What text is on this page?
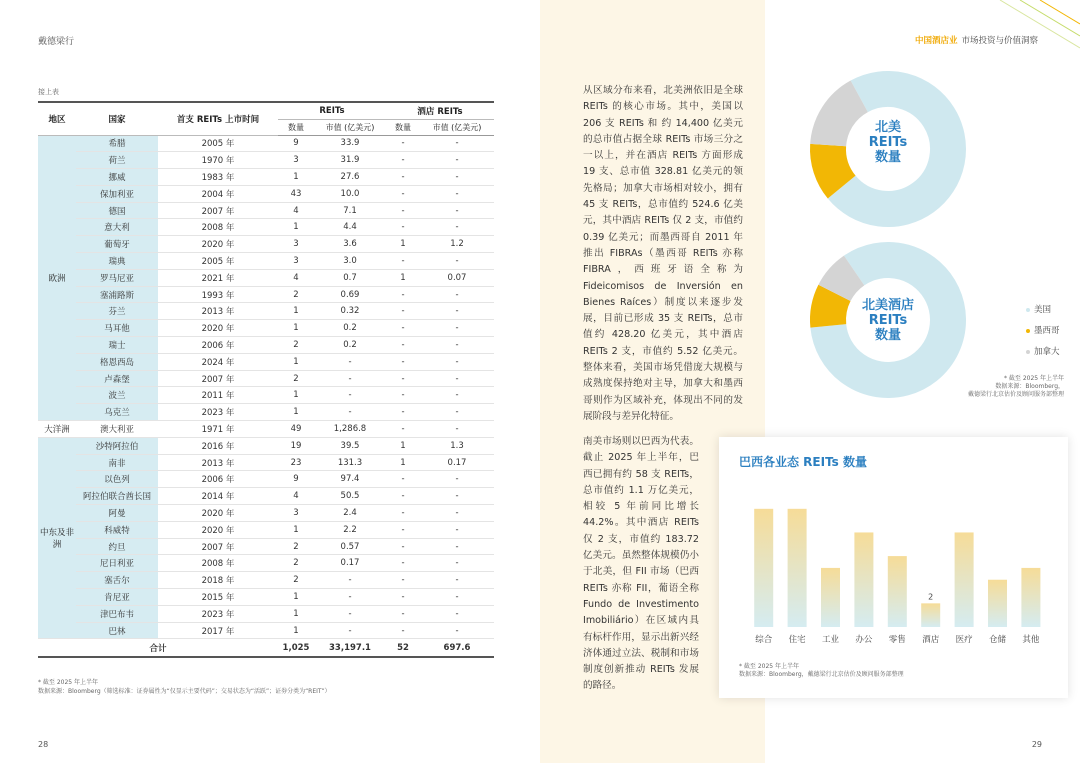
戴德梁行	中国酒店业 市场投资与价值洞察
接上表
地区	国家	首支 REITs 上市时间	REITs		酒店 REITs	
			数量	市值 (亿美元)	数量	市值 (亿美元)
欧洲	希腊	2005 年	9	33.9	-	-
	荷兰	1970 年	3	31.9	-	-
	挪威	1983 年	1	27.6	-	-
	保加利亚	2004 年	43	10.0	-	-
	德国	2007 年	4	7.1	-	-
	意大利	2008 年	1	4.4	-	-
	葡萄牙	2020 年	3	3.6	1	1.2
	瑞典	2005 年	3	3.0	-	-
	罗马尼亚	2021 年	4	0.7	1	0.07
	塞浦路斯	1993 年	2	0.69	-	-
	芬兰	2013 年	1	0.32	-	-
	马耳他	2020 年	1	0.2	-	-
	瑞士	2006 年	2	0.2	-	-
	格恩西岛	2024 年	1	-	-	-
	卢森堡	2007 年	2	-	-	-
	波兰	2011 年	1	-	-	-
	乌克兰	2023 年	1	-	-	-
大洋洲	澳大利亚	1971 年	49	1,286.8	-	-
中东及非洲	沙特阿拉伯	2016 年	19	39.5	1	1.3
	南非	2013 年	23	131.3	1	0.17
	以色列	2006 年	9	97.4	-	-
	阿拉伯联合酋长国	2014 年	4	50.5	-	-
	阿曼	2020 年	3	2.4	-	-
	科威特	2020 年	1	2.2	-	-
	约旦	2007 年	2	0.57	-	-
	尼日利亚	2008 年	2	0.17	-	-
	塞舌尔	2018 年	2	-	-	-
	肯尼亚	2015 年	1	-	-	-
	津巴布韦	2023 年	1	-	-	-
	巴林	2017 年	1	-	-	-
合计			1,025	33,197.1	52	697.6
* 截至 2025 年上半年
数据来源：Bloomberg（筛选标准：证券属性为“仅显示主要代码”；交易状态为“活跃”；证券分类为“REIT”）
28	29
从区域分布来看，北美洲依旧是全球 REITs 的核心市场。其中，美国以 206 支 REITs 和 约 14,400 亿美元的总市值占据全球 REITs 市场三分之一以上，并在酒店 REITs 方面形成 19 支、总市值 328.81 亿美元的领先格局；加拿大市场相对较小，拥有 45 支 REITs，总市值约 524.6 亿美元，其中酒店 REITs 仅 2 支，市值约 0.39 亿美元；而墨西哥自 2011 年推出 FIBRAs（墨西哥 REITs 亦称 FIBRA，西班牙语全称为 Fideicomisos de Inversión en Bienes Raíces）制度以来逐步发展，目前已形成 35 支 REITs，总市值约 428.20 亿美元，其中酒店 REITs 2 支，市值约 5.52 亿美元。整体来看，美国市场凭借庞大规模与成熟度保持绝对主导，加拿大和墨西哥则作为区域补充，体现出不同的发展阶段与差异化特征。
南美市场则以巴西为代表。截止 2025 年上半年，巴西已拥有约 58 支 REITs，总市值约 1.1 万亿美元，相较 5 年前同比增长 44.2%。其中酒店 REITs 仅 2 支，市值约 183.72 亿美元。虽然整体规模仍小于北美，但 FII 市场（巴西 REITs 亦称 FII，葡语全称 Fundo de Investimento Imobiliário）在区域内具有标杆作用，显示出新兴经济体通过立法、税制和市场制度创新推动 REITs 发展的路径。
北美
REITs
数量
北美酒店
REITs
数量
美国
墨西哥
加拿大
* 截至 2025 年上半年
数据来源：Bloomberg，
戴德梁行北京估价及顾问服务部整理
巴西各业态 REITs 数量
综合 住宅 工业 办公 零售 酒店
2
医疗 仓储 其他
* 截至 2025 年上半年
数据来源：Bloomberg，戴德梁行北京估价及顾问服务部整理
